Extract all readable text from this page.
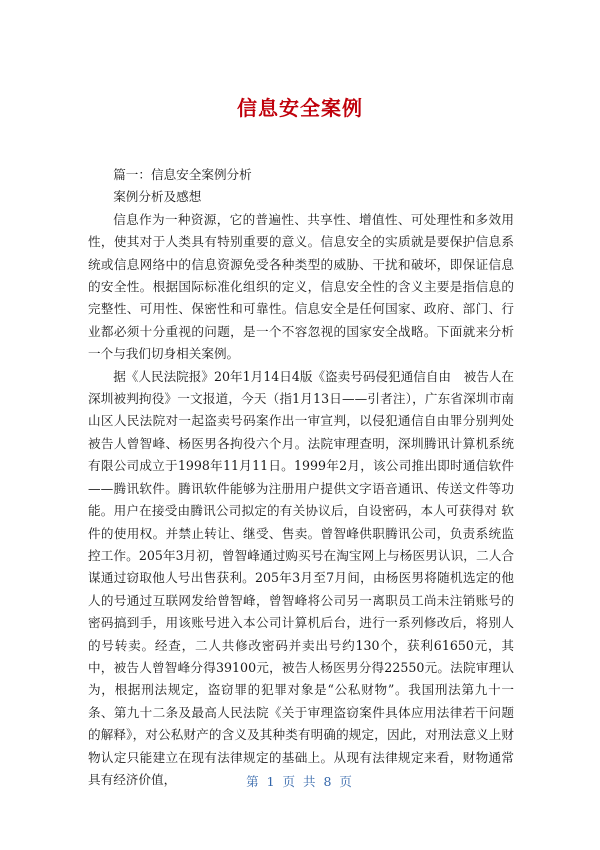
信息安全案例

篇一：信息安全案例分析

案例分析及感想

信息作为一种资源，它的普遍性、共享性、增值性、可处理性和多效用性，使其对于人类具有特别重要的意义。信息安全的实质就是要保护信息系统或信息网络中的信息资源免受各种类型的威胁、干扰和破坏，即保证信息的安全性。根据国际标准化组织的定义，信息安全性的含义主要是指信息的完整性、可用性、保密性和可靠性。信息安全是任何国家、政府、部门、行业都必须十分重视的问题，是一个不容忽视的国家安全战略。下面就来分析一个与我们切身相关案例。

据《人民法院报》20年1月14日4版《盗卖号码侵犯通信自由　被告人在深圳被判拘役》一文报道，今天（指1月13日——引者注），广东省深圳市南山区人民法院对一起盗卖号码案作出一审宣判，以侵犯通信自由罪分别判处被告人曾智峰、杨医男各拘役六个月。法院审理查明，深圳腾讯计算机系统有限公司成立于1998年11月11日。1999年2月，该公司推出即时通信软件——腾讯软件。腾讯软件能够为注册用户提供文字语音通讯、传送文件等功能。用户在接受由腾讯公司拟定的有关协议后，自设密码，本人可获得对 软件的使用权。并禁止转让、继受、售卖。曾智峰供职腾讯公司，负责系统监控工作。205年3月初，曾智峰通过购买号在淘宝网上与杨医男认识，二人合谋通过窃取他人号出售获利。205年3月至7月间，由杨医男将随机选定的他人的号通过互联网发给曾智峰，曾智峰将公司另一离职员工尚未注销账号的密码搞到手，用该账号进入本公司计算机后台，进行一系列修改后，将别人的号转卖。经查，二人共修改密码并卖出号约130个，获利61650元，其中，被告人曾智峰分得39100元，被告人杨医男分得22550元。法院审理认为，根据刑法规定，盗窃罪的犯罪对象是“公私财物”。我国刑法第九十一条、第九十二条及最高人民法院《关于审理盗窃案件具体应用法律若干问题的解释》，对公私财产的含义及其种类有明确的规定，因此，对刑法意义上财物认定只能建立在现有法律规定的基础上。从现有法律规定来看，财物通常具有经济价值，	第 1 页 共 8 页
